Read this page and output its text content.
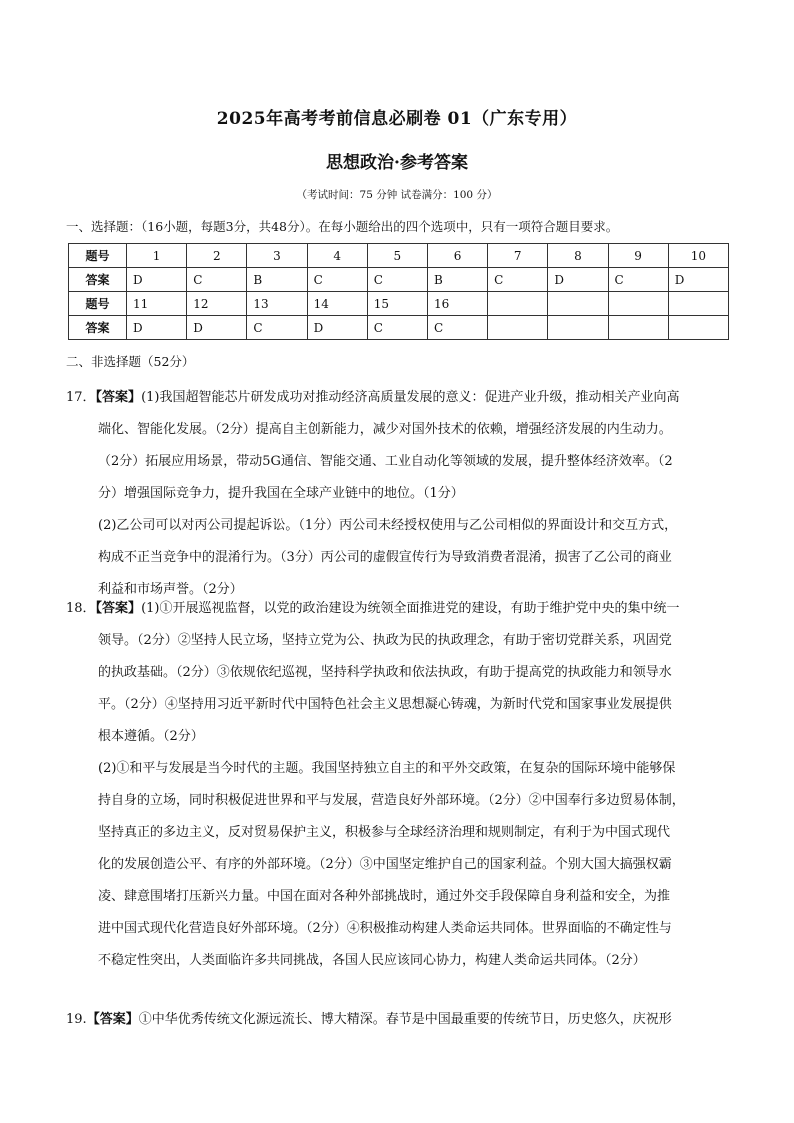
2025年高考考前信息必刷卷 01（广东专用）
思想政治·参考答案
（考试时间：75 分钟 试卷满分：100 分）
一、选择题：（16小题，每题3分，共48分）。在每小题给出的四个选项中，只有一项符合题目要求。
题号	1	2	3	4	5	6	7	8	9	10
答案	D	C	B	C	C	B	C	D	C	D
题号	11	12	13	14	15	16				
答案	D	D	C	D	C	C				
二、非选择题（52分）

17．【答案】(1)我国超智能芯片研发成功对推动经济高质量发展的意义：促进产业升级，推动相关产业向高

端化、智能化发展。（2分）提高自主创新能力，减少对国外技术的依赖，增强经济发展的内生动力。

（2分）拓展应用场景，带动5G通信、智能交通、工业自动化等领域的发展，提升整体经济效率。（2

分）增强国际竞争力，提升我国在全球产业链中的地位。（1分）

(2)乙公司可以对丙公司提起诉讼。（1分）丙公司未经授权使用与乙公司相似的界面设计和交互方式，

构成不正当竞争中的混淆行为。（3分）丙公司的虚假宣传行为导致消费者混淆，损害了乙公司的商业

利益和市场声誉。（2分）

18．【答案】(1)①开展巡视监督，以党的政治建设为统领全面推进党的建设，有助于维护党中央的集中统一

领导。（2分）②坚持人民立场，坚持立党为公、执政为民的执政理念，有助于密切党群关系，巩固党

的执政基础。（2分）③依规依纪巡视，坚持科学执政和依法执政，有助于提高党的执政能力和领导水

平。（2分）④坚持用习近平新时代中国特色社会主义思想凝心铸魂，为新时代党和国家事业发展提供

根本遵循。（2分）

(2)①和平与发展是当今时代的主题。我国坚持独立自主的和平外交政策，在复杂的国际环境中能够保

持自身的立场，同时积极促进世界和平与发展，营造良好外部环境。（2分）②中国奉行多边贸易体制，

坚持真正的多边主义，反对贸易保护主义，积极参与全球经济治理和规则制定，有利于为中国式现代

化的发展创造公平、有序的外部环境。（2分）③中国坚定维护自己的国家利益。个别大国大搞强权霸

凌、肆意围堵打压新兴力量。中国在面对各种外部挑战时，通过外交手段保障自身利益和安全，为推

进中国式现代化营造良好外部环境。（2分）④积极推动构建人类命运共同体。世界面临的不确定性与

不稳定性突出，人类面临许多共同挑战，各国人民应该同心协力，构建人类命运共同体。（2分）

19.【答案】①中华优秀传统文化源远流长、博大精深。春节是中国最重要的传统节日，历史悠久，庆祝形
